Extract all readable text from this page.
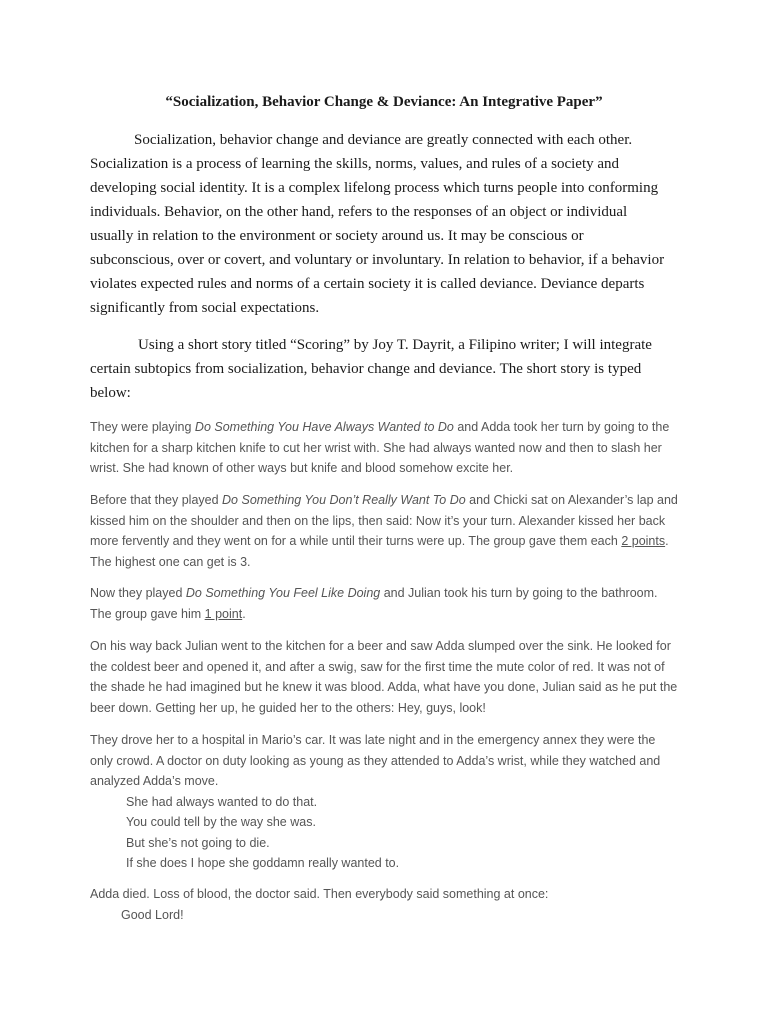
“Socialization, Behavior Change & Deviance: An Integrative Paper”

Socialization, behavior change and deviance are greatly connected with each other. Socialization is a process of learning the skills, norms, values, and rules of a society and developing social identity. It is a complex lifelong process which turns people into conforming individuals. Behavior, on the other hand, refers to the responses of an object or individual usually in relation to the environment or society around us. It may be conscious or subconscious, over or covert, and voluntary or involuntary. In relation to behavior, if a behavior violates expected rules and norms of a certain society it is called deviance. Deviance departs significantly from social expectations.

Using a short story titled “Scoring” by Joy T. Dayrit, a Filipino writer; I will integrate certain subtopics from socialization, behavior change and deviance. The short story is typed below:

They were playing Do Something You Have Always Wanted to Do and Adda took her turn by going to the kitchen for a sharp kitchen knife to cut her wrist with. She had always wanted now and then to slash her wrist. She had known of other ways but knife and blood somehow excite her.

Before that they played Do Something You Don’t Really Want To Do and Chicki sat on Alexander’s lap and kissed him on the shoulder and then on the lips, then said: Now it’s your turn. Alexander kissed her back more fervently and they went on for a while until their turns were up. The group gave them each 2 points. The highest one can get is 3.

Now they played Do Something You Feel Like Doing and Julian took his turn by going to the bathroom. The group gave him 1 point.

On his way back Julian went to the kitchen for a beer and saw Adda slumped over the sink. He looked for the coldest beer and opened it, and after a swig, saw for the first time the mute color of red. It was not of the shade he had imagined but he knew it was blood. Adda, what have you done, Julian said as he put the beer down. Getting her up, he guided her to the others: Hey, guys, look!

They drove her to a hospital in Mario’s car. It was late night and in the emergency annex they were the only crowd. A doctor on duty looking as young as they attended to Adda’s wrist, while they watched and analyzed Adda’s move.

She had always wanted to do that.
You could tell by the way she was.
But she’s not going to die.
If she does I hope she goddamn really wanted to.

Adda died. Loss of blood, the doctor said. Then everybody said something at once:

Good Lord!
